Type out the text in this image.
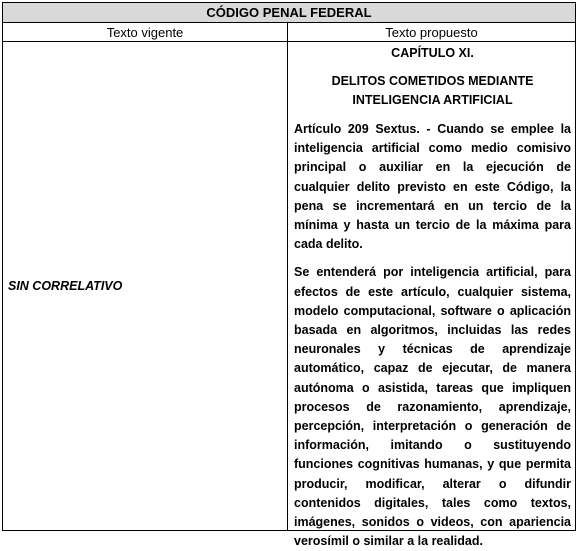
CÓDIGO PENAL FEDERAL
Texto vigente	Texto propuesto
SIN CORRELATIVO

CAPÍTULO XI.

DELITOS COMETIDOS MEDIANTE
INTELIGENCIA ARTIFICIAL

Artículo 209 Sextus. - Cuando se emplee la inteligencia artificial como medio comisivo principal o auxiliar en la ejecución de cualquier delito previsto en este Código, la pena se incrementará en un tercio de la mínima y hasta un tercio de la máxima para cada delito.

Se entenderá por inteligencia artificial, para efectos de este artículo, cualquier sistema, modelo computacional, software o aplicación basada en algoritmos, incluidas las redes neuronales y técnicas de aprendizaje automático, capaz de ejecutar, de manera autónoma o asistida, tareas que impliquen procesos de razonamiento, aprendizaje, percepción, interpretación o generación de información, imitando o sustituyendo funciones cognitivas humanas, y que permita producir, modificar, alterar o difundir contenidos digitales, tales como textos, imágenes, sonidos o videos, con apariencia verosímil o similar a la realidad.
